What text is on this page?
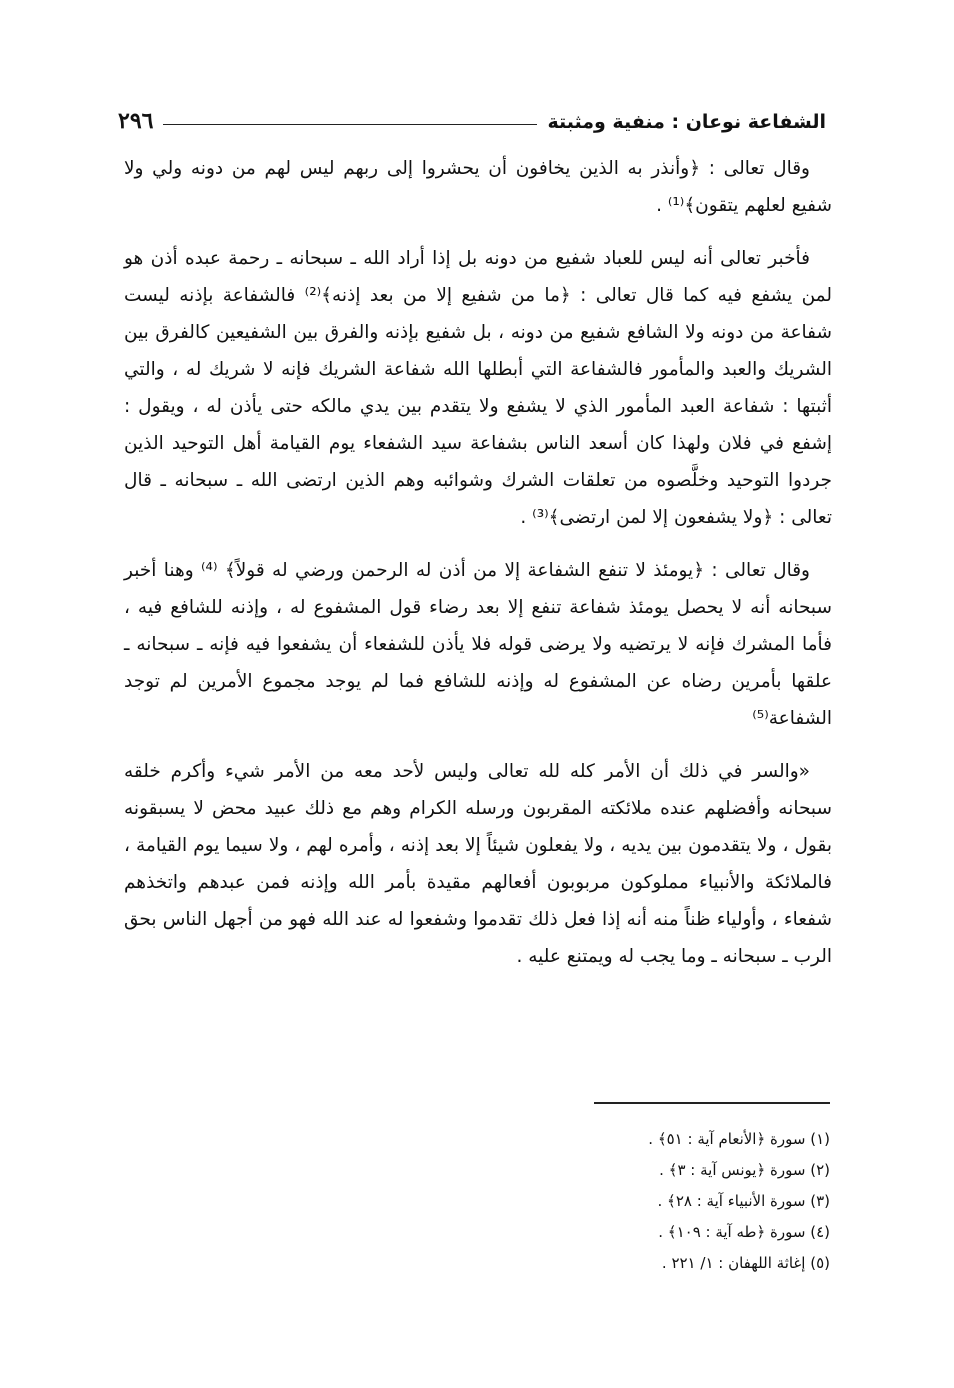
٢٩٦	الشفاعة نوعان : منفية ومثبتة

وقال تعالى : ﴿وأنذر به الذين يخافون أن يحشروا إلى ربهم ليس لهم من دونه ولي ولا شفيع لعلهم يتقون﴾⁽¹⁾ .

فأخبر تعالى أنه ليس للعباد شفيع من دونه بل إذا أراد الله ـ سبحانه ـ رحمة عبده أذن هو لمن يشفع فيه كما قال تعالى : ﴿ما من شفيع إلا من بعد إذنه﴾⁽²⁾ فالشفاعة بإذنه ليست شفاعة من دونه ولا الشافع شفيع من دونه ، بل شفيع بإذنه والفرق بين الشفيعين كالفرق بين الشريك والعبد والمأمور فالشفاعة التي أبطلها الله شفاعة الشريك فإنه لا شريك له ، والتي أثبتها : شفاعة العبد المأمور الذي لا يشفع ولا يتقدم بين يدي مالكه حتى يأذن له ، ويقول : إشفع في فلان ولهذا كان أسعد الناس بشفاعة سيد الشفعاء يوم القيامة أهل التوحيد الذين جردوا التوحيد وخلَّصوه من تعلقات الشرك وشوائبه وهم الذين ارتضى الله ـ سبحانه ـ قال تعالى : ﴿ولا يشفعون إلا لمن ارتضى﴾⁽³⁾ .

وقال تعالى : ﴿يومئذ لا تنفع الشفاعة إلا من أذن له الرحمن ورضي له قولاً﴾ ⁽⁴⁾ وهنا أخبر سبحانه أنه لا يحصل يومئذ شفاعة تنفع إلا بعد رضاء قول المشفوع له ، وإذنه للشافع فيه ، فأما المشرك فإنه لا يرتضيه ولا يرضى قوله فلا يأذن للشفعاء أن يشفعوا فيه فإنه ـ سبحانه ـ علقها بأمرين رضاه عن المشفوع له وإذنه للشافع فما لم يوجد مجموع الأمرين لم توجد الشفاعة⁽⁵⁾

«والسر في ذلك أن الأمر كله لله تعالى وليس لأحد معه من الأمر شيء وأكرم خلقه سبحانه وأفضلهم عنده ملائكته المقربون ورسله الكرام وهم مع ذلك عبيد محض لا يسبقونه بقول ، ولا يتقدمون بين يديه ، ولا يفعلون شيئاً إلا بعد إذنه ، وأمره لهم ، ولا سيما يوم القيامة ، فالملائكة والأنبياء مملوكون مربوبون أفعالهم مقيدة بأمر الله وإذنه فمن عبدهم واتخذهم شفعاء ، وأولياء ظناً منه أنه إذا فعل ذلك تقدموا وشفعوا له عند الله فهو من أجهل الناس بحق الرب ـ سبحانه ـ وما يجب له ويمتنع عليه .

(١) سورة ﴿الأنعام آية : ٥١﴾ .
(٢) سورة ﴿يونس آية : ٣﴾ .
(٣) سورة الأنبياء آية : ٢٨﴾ .
(٤) سورة ﴿طه آية : ١٠٩﴾ .
(٥) إغاثة اللهفان : ١/ ٢٢١ .
